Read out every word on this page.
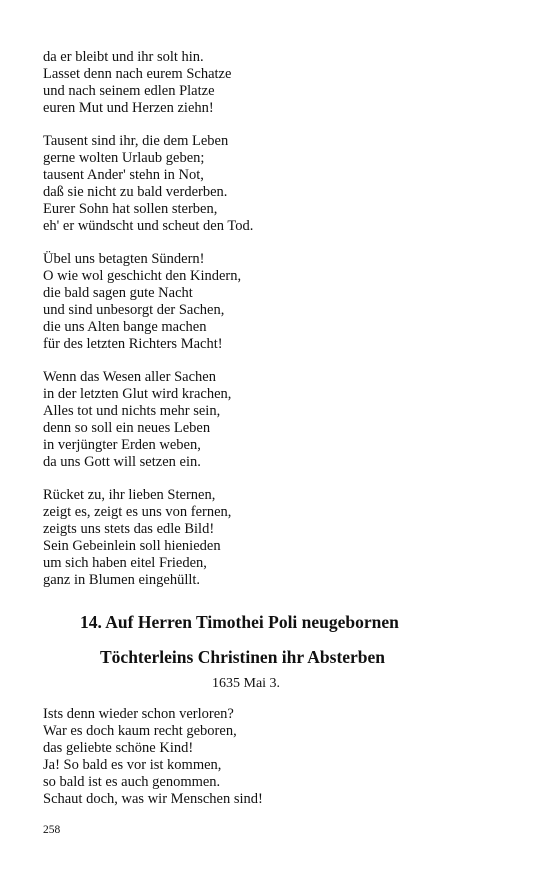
da er bleibt und ihr solt hin.
Lasset denn nach eurem Schatze
und nach seinem edlen Platze
euren Mut und Herzen ziehn!
Tausent sind ihr, die dem Leben
gerne wolten Urlaub geben;
tausent Ander' stehn in Not,
daß sie nicht zu bald verderben.
Eurer Sohn hat sollen sterben,
eh' er wündscht und scheut den Tod.
Übel uns betagten Sündern!
O wie wol geschicht den Kindern,
die bald sagen gute Nacht
und sind unbesorgt der Sachen,
die uns Alten bange machen
für des letzten Richters Macht!
Wenn das Wesen aller Sachen
in der letzten Glut wird krachen,
Alles tot und nichts mehr sein,
denn so soll ein neues Leben
in verjüngter Erden weben,
da uns Gott will setzen ein.
Rücket zu, ihr lieben Sternen,
zeigt es, zeigt es uns von fernen,
zeigts uns stets das edle Bild!
Sein Gebeinlein soll hienieden
um sich haben eitel Frieden,
ganz in Blumen eingehüllt.
14. Auf Herren Timothei Poli neugebornen
Töchterleins Christinen ihr Absterben
1635 Mai 3.
Ists denn wieder schon verloren?
War es doch kaum recht geboren,
das geliebte schöne Kind!
Ja! So bald es vor ist kommen,
so bald ist es auch genommen.
Schaut doch, was wir Menschen sind!
258
